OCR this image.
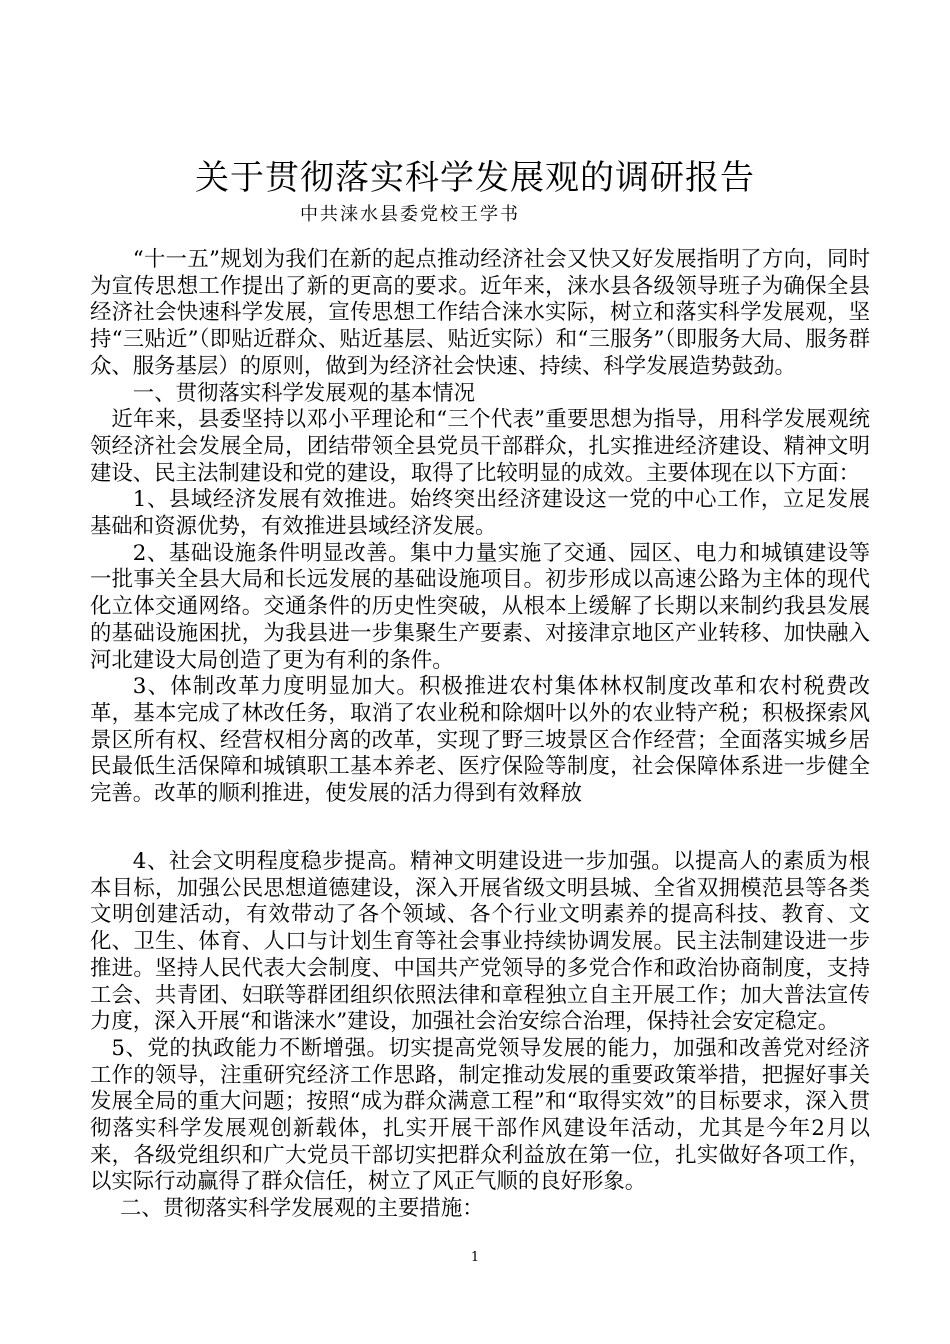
关于贯彻落实科学发展观的调研报告
中共涞水县委党校王学书

“十一五”规划为我们在新的起点推动经济社会又快又好发展指明了方向，同时为宣传思想工作提出了新的更高的要求。近年来，涞水县各级领导班子为确保全县经济社会快速科学发展，宣传思想工作结合涞水实际，树立和落实科学发展观，坚持“三贴近”（即贴近群众、贴近基层、贴近实际）和“三服务”（即服务大局、服务群众、服务基层）的原则，做到为经济社会快速、持续、科学发展造势鼓劲。

一、贯彻落实科学发展观的基本情况

近年来，县委坚持以邓小平理论和“三个代表”重要思想为指导，用科学发展观统领经济社会发展全局，团结带领全县党员干部群众，扎实推进经济建设、精神文明建设、民主法制建设和党的建设，取得了比较明显的成效。主要体现在以下方面：

1、县域经济发展有效推进。始终突出经济建设这一党的中心工作，立足发展基础和资源优势，有效推进县域经济发展。

2、基础设施条件明显改善。集中力量实施了交通、园区、电力和城镇建设等一批事关全县大局和长远发展的基础设施项目。初步形成以高速公路为主体的现代化立体交通网络。交通条件的历史性突破，从根本上缓解了长期以来制约我县发展的基础设施困扰，为我县进一步集聚生产要素、对接津京地区产业转移、加快融入河北建设大局创造了更为有利的条件。

3、体制改革力度明显加大。积极推进农村集体林权制度改革和农村税费改革，基本完成了林改任务，取消了农业税和除烟叶以外的农业特产税；积极探索风景区所有权、经营权相分离的改革，实现了野三坡景区合作经营；全面落实城乡居民最低生活保障和城镇职工基本养老、医疗保险等制度，社会保障体系进一步健全完善。改革的顺利推进，使发展的活力得到有效释放

4、社会文明程度稳步提高。精神文明建设进一步加强。以提高人的素质为根本目标，加强公民思想道德建设，深入开展省级文明县城、全省双拥模范县等各类文明创建活动，有效带动了各个领域、各个行业文明素养的提高科技、教育、文化、卫生、体育、人口与计划生育等社会事业持续协调发展。民主法制建设进一步推进。坚持人民代表大会制度、中国共产党领导的多党合作和政治协商制度，支持工会、共青团、妇联等群团组织依照法律和章程独立自主开展工作；加大普法宣传力度，深入开展“和谐涞水”建设，加强社会治安综合治理，保持社会安定稳定。

5、党的执政能力不断增强。切实提高党领导发展的能力，加强和改善党对经济工作的领导，注重研究经济工作思路，制定推动发展的重要政策举措，把握好事关发展全局的重大问题；按照“成为群众满意工程”和“取得实效”的目标要求，深入贯彻落实科学发展观创新载体，扎实开展干部作风建设年活动，尤其是今年2月以来，各级党组织和广大党员干部切实把群众利益放在第一位，扎实做好各项工作，以实际行动赢得了群众信任，树立了风正气顺的良好形象。

二、贯彻落实科学发展观的主要措施：

1
